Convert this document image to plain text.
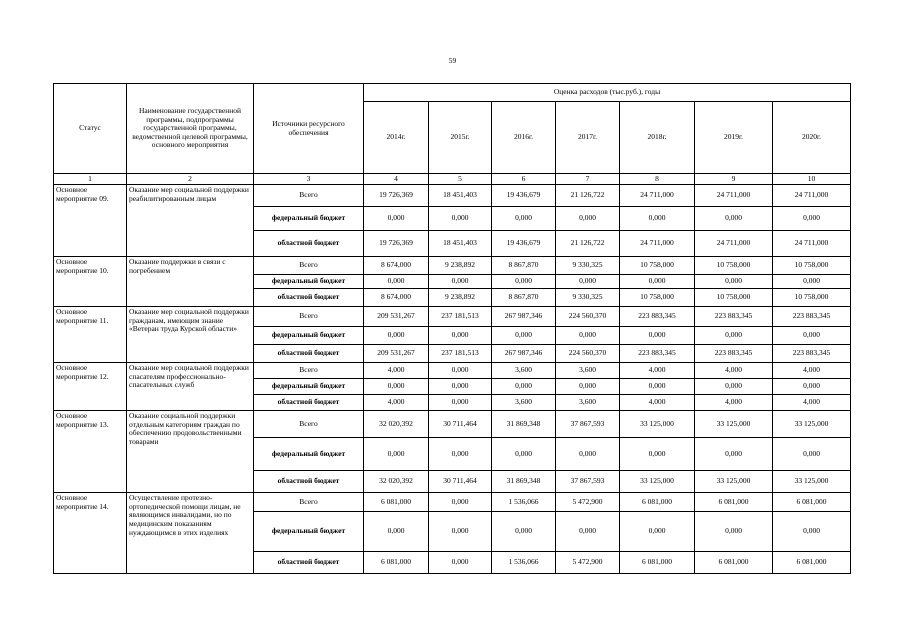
59
Статус	Наименование государственной программы, подпрограммы государственной программы, ведомственной целевой программы, основного мероприятия	Источники ресурсного обеспечения	Оценка расходов (тыс.руб.), годы						
			2014г.	2015г.	2016г.	2017г.	2018г.	2019г.	2020г.
1	2	3	4	5	6	7	8	9	10
Основное мероприятие 09.	Оказание мер социальной поддержки реабилитированным лицам	Всего	19 726,369	18 451,403	19 436,679	21 126,722	24 711,000	24 711,000	24 711,000
		федеральный бюджет	0,000	0,000	0,000	0,000	0,000	0,000	0,000
		областной бюджет	19 726,369	18 451,403	19 436,679	21 126,722	24 711,000	24 711,000	24 711,000
Основное мероприятие 10.	Оказание поддержки в связи с погребением	Всего	8 674,000	9 238,892	8 867,870	9 330,325	10 758,000	10 758,000	10 758,000
		федеральный бюджет	0,000	0,000	0,000	0,000	0,000	0,000	0,000
		областной бюджет	8 674,000	9 238,892	8 867,870	9 330,325	10 758,000	10 758,000	10 758,000
Основное мероприятие 11.	Оказание мер социальной поддержки гражданам, имеющим знание «Ветеран труда Курской области»	Всего	209 531,267	237 181,513	267 987,346	224 560,370	223 883,345	223 883,345	223 883,345
		федеральный бюджет	0,000	0,000	0,000	0,000	0,000	0,000	0,000
		областной бюджет	209 531,267	237 181,513	267 987,346	224 560,370	223 883,345	223 883,345	223 883,345
Основное мероприятие 12.	Оказание мер социальной поддержки спасателям профессионально-спасательных служб	Всего	4,000	0,000	3,600	3,600	4,000	4,000	4,000
		федеральный бюджет	0,000	0,000	0,000	0,000	0,000	0,000	0,000
		областной бюджет	4,000	0,000	3,600	3,600	4,000	4,000	4,000
Основное мероприятие 13.	Оказание социальной поддержки отдельным категориям граждан по обеспечению продовольственными товарами	Всего	32 020,392	30 711,464	31 869,348	37 867,593	33 125,000	33 125,000	33 125,000
		федеральный бюджет	0,000	0,000	0,000	0,000	0,000	0,000	0,000
		областной бюджет	32 020,392	30 711,464	31 869,348	37 867,593	33 125,000	33 125,000	33 125,000
Основное мероприятие 14.	Осуществление протезно-ортопедической помощи лицам, не являющимся инвалидами, но по медицинским показаниям нуждающимся в этих изделиях	Всего	6 081,000	0,000	1 536,066	5 472,900	6 081,000	6 081,000	6 081,000
		федеральный бюджет	0,000	0,000	0,000	0,000	0,000	0,000	0,000
		областной бюджет	6 081,000	0,000	1 536,066	5 472,900	6 081,000	6 081,000	6 081,000
